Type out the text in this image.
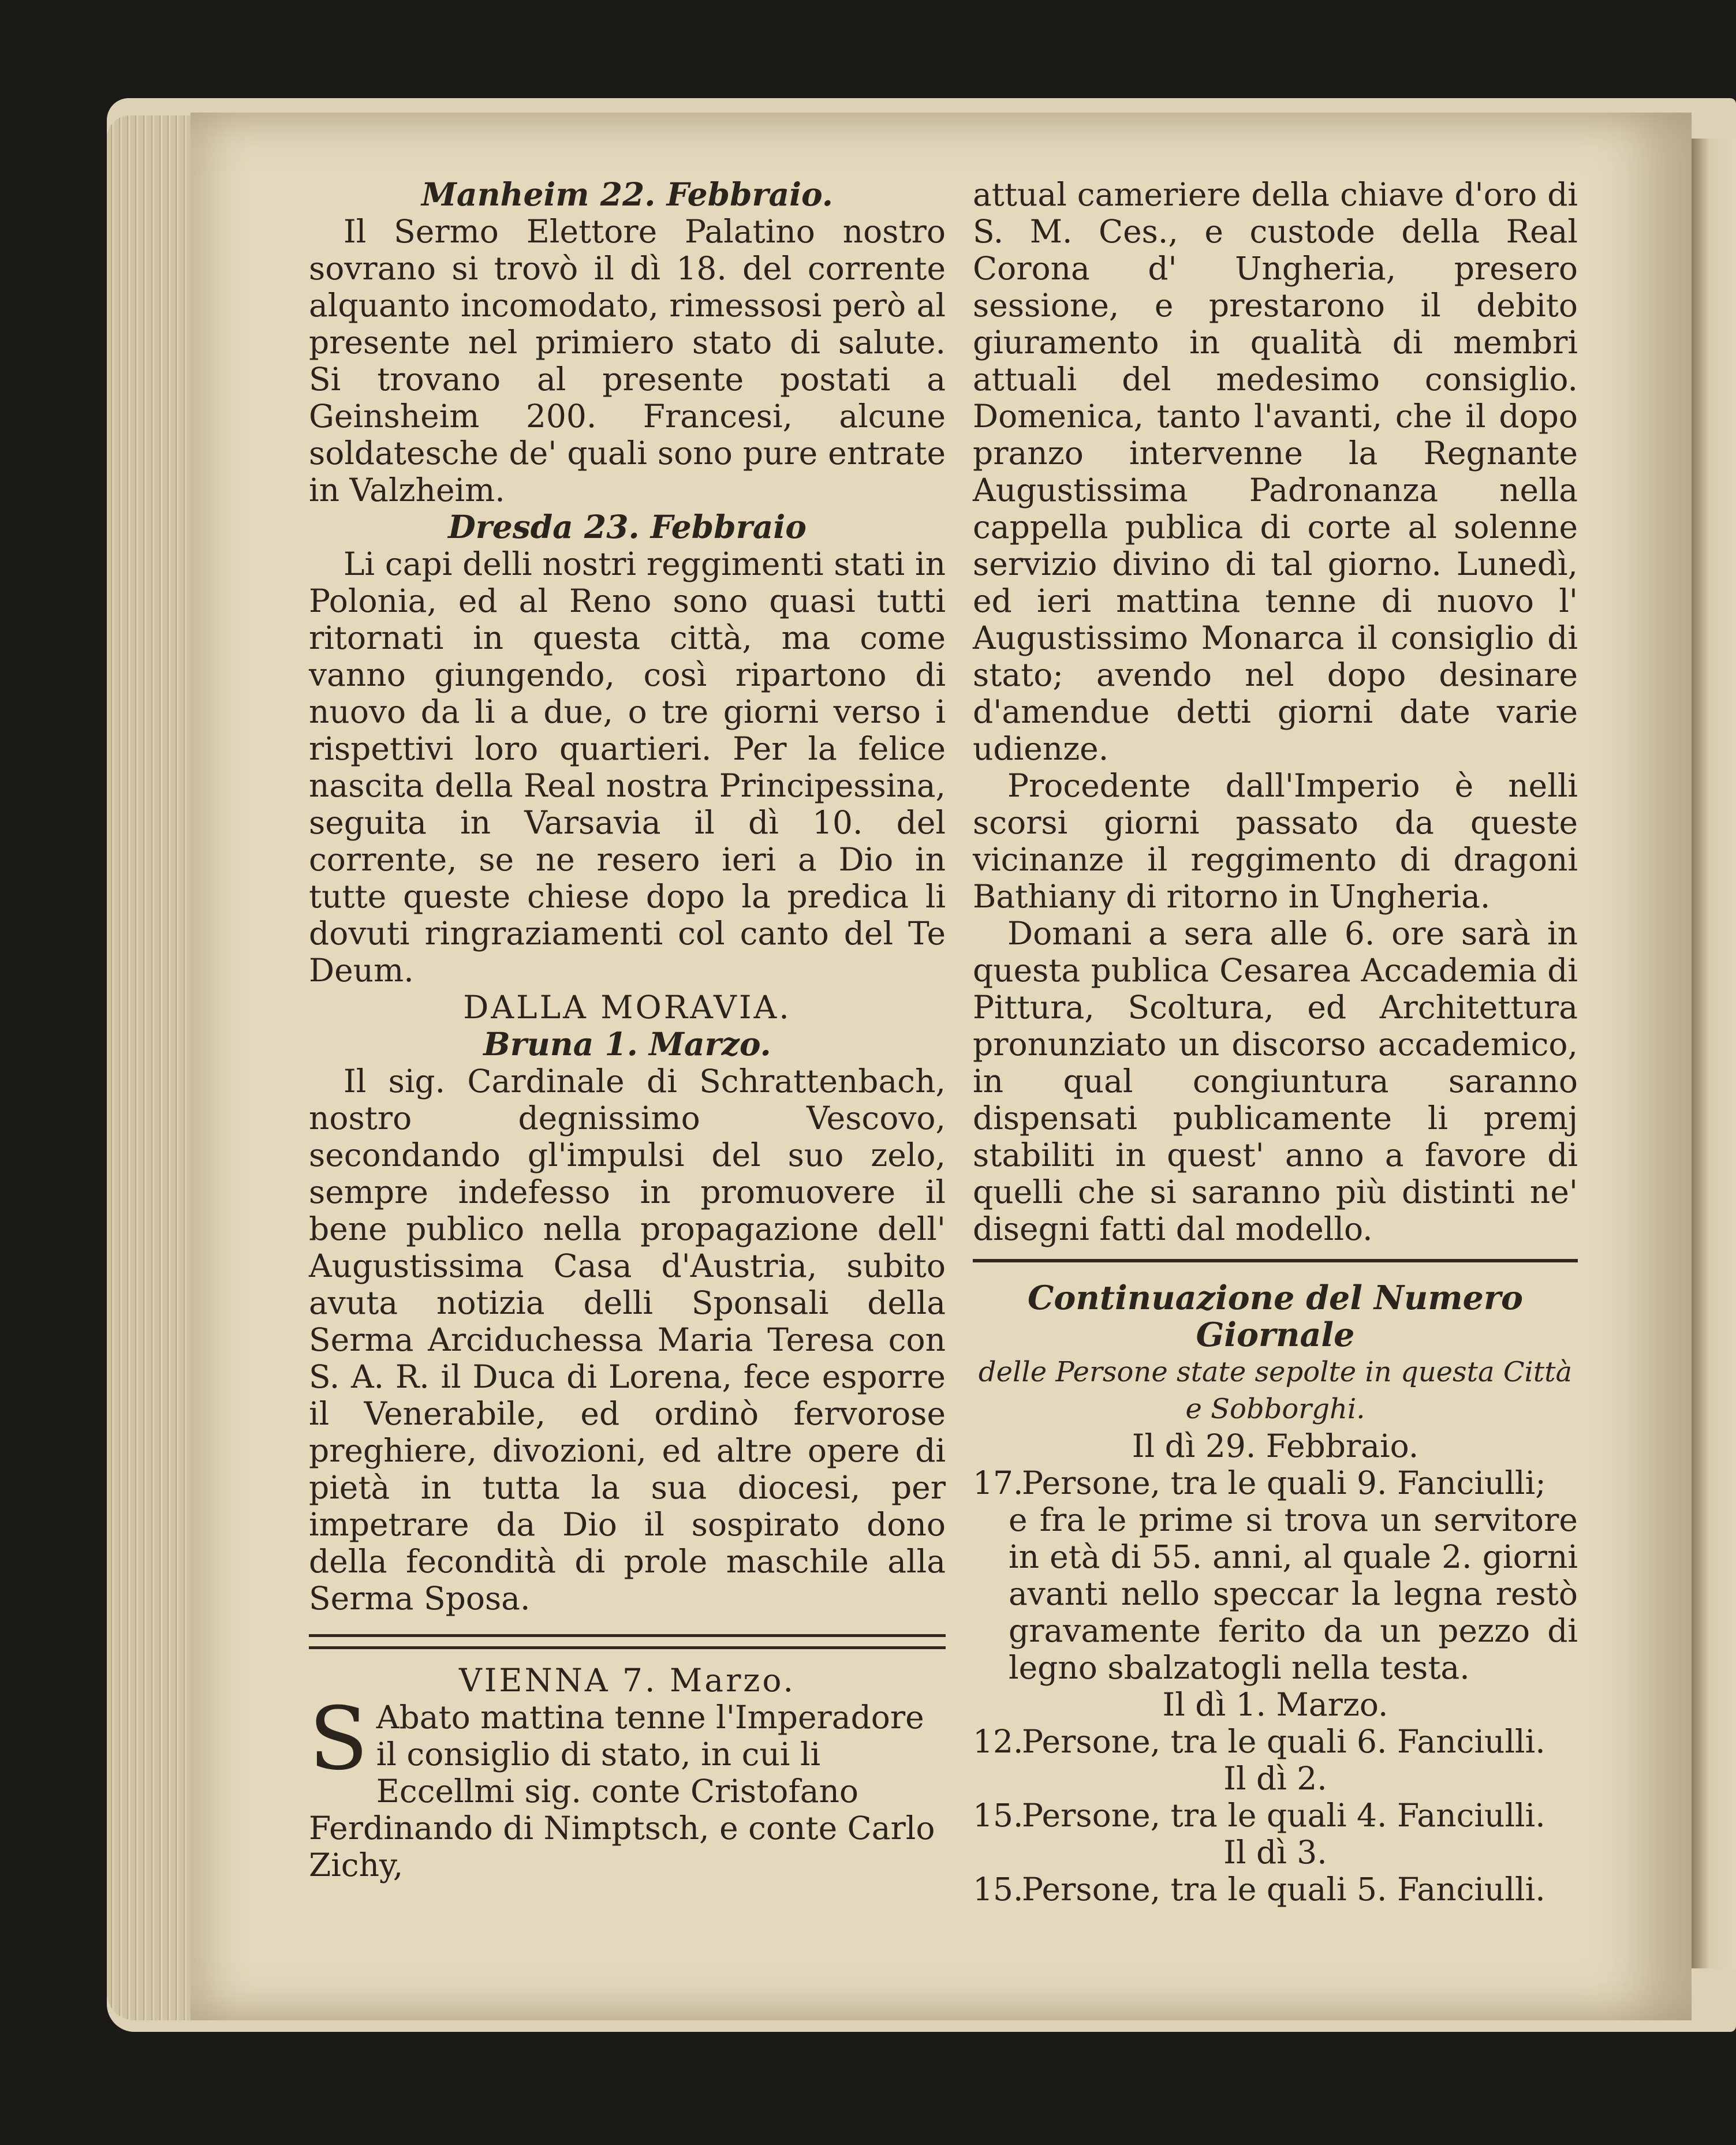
Manheim 22. Febbraio.

Il Sermo Elettore Palatino nostro sovrano si trovò il dì 18. del corrente alquanto incomodato, rimessosi però al presente nel primiero stato di salute. Si trovano al presente postati a Geinsheim 200. Francesi, alcune soldatesche de' quali sono pure entrate in Valzheim.

Dresda 23. Febbraio

Li capi delli nostri reggimenti stati in Polonia, ed al Reno sono quasi tutti ritornati in questa città, ma come vanno giungendo, così ripartono di nuovo da li a due, o tre giorni verso i rispettivi loro quartieri. Per la felice nascita della Real nostra Principessina, seguita in Varsavia il dì 10. del corrente, se ne resero ieri a Dio in tutte queste chiese dopo la predica li dovuti ringraziamenti col canto del Te Deum.

DALLA MORAVIA.

Bruna 1. Marzo.

Il sig. Cardinale di Schrattenbach, nostro degnissimo Vescovo, secondando gl'impulsi del suo zelo, sempre indefesso in promuovere il bene publico nella propagazione dell' Augustissima Casa d'Austria, subito avuta notizia delli Sponsali della Serma Arciduchessa Maria Teresa con S. A. R. il Duca di Lorena, fece esporre il Venerabile, ed ordinò fervorose preghiere, divozioni, ed altre opere di pietà in tutta la sua diocesi, per impetrare da Dio il sospirato dono della fecondità di prole maschile alla Serma Sposa.

VIENNA 7. Marzo.

S Abato mattina tenne l'Imperadore il consiglio di stato, in cui li Eccellmi sig. conte Cristofano Ferdinando di Nimptsch, e conte Carlo Zichy,

attual cameriere della chiave d'oro di S. M. Ces., e custode della Real Corona d' Ungheria, presero sessione, e prestarono il debito giuramento in qualità di membri attuali del medesimo consiglio. Domenica, tanto l'avanti, che il dopo pranzo intervenne la Regnante Augustissima Padronanza nella cappella publica di corte al solenne servizio divino di tal giorno. Lunedì, ed ieri mattina tenne di nuovo l' Augustissimo Monarca il consiglio di stato; avendo nel dopo desinare d'amendue detti giorni date varie udienze.

Procedente dall'Imperio è nelli scorsi giorni passato da queste vicinanze il reggimento di dragoni Bathiany di ritorno in Ungheria.

Domani a sera alle 6. ore sarà in questa publica Cesarea Accademia di Pittura, Scoltura, ed Architettura pronunziato un discorso accademico, in qual congiuntura saranno dispensati publicamente li premj stabiliti in quest' anno a favore di quelli che si saranno più distinti ne' disegni fatti dal modello.

Continuazione del Numero Giornale

delle Persone state sepolte in questa Città

e Sobborghi.

Il dì 29. Febbraio.

17.Persone, tra le quali 9. Fanciulli;
e fra le prime si trova un servitore in età di 55. anni, al quale 2. giorni avanti nello speccar la legna restò gravamente ferito da un pezzo di legno sbalzatogli nella testa.

Il dì 1. Marzo.

12.Persone, tra le quali 6. Fanciulli.

Il dì 2.

15.Persone, tra le quali 4. Fanciulli.

Il dì 3.

15.Persone, tra le quali 5. Fanciulli.
